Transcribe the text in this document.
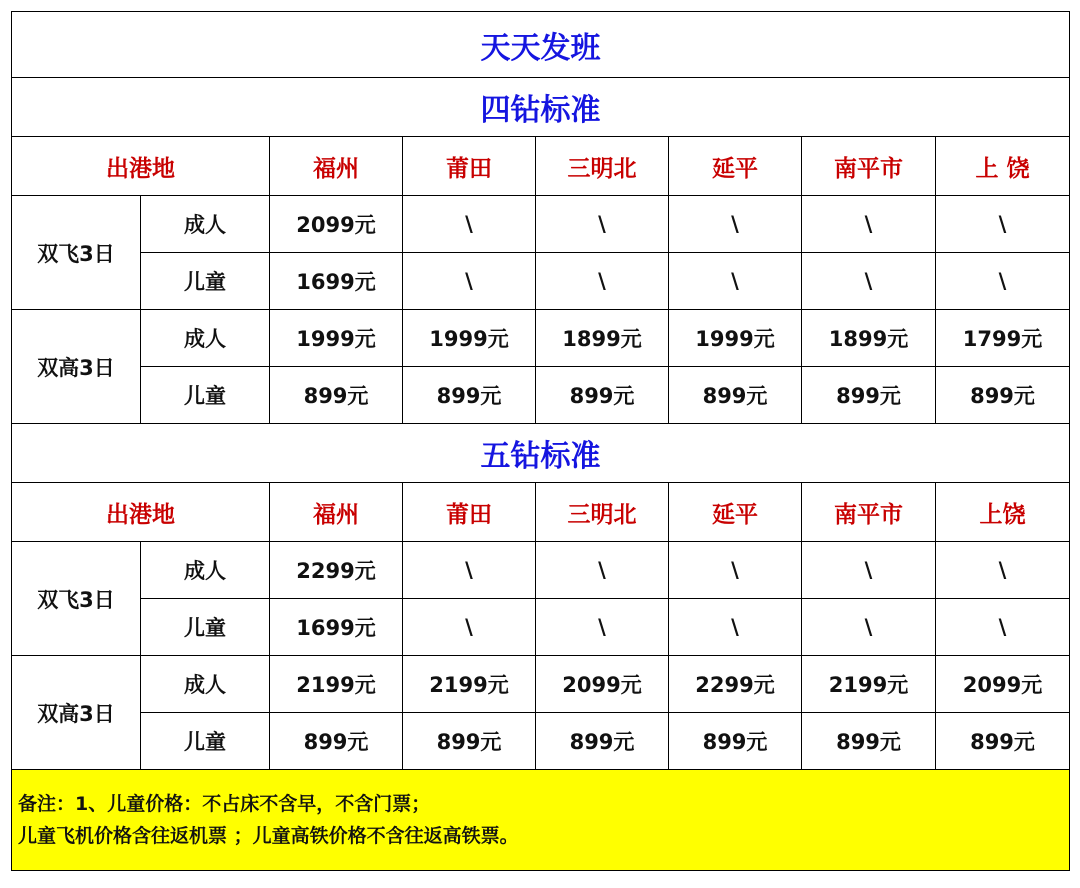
天天发班							
四钻标准							
出港地		福州	莆田	三明北	延平	南平市	上 饶
双飞3日	成人	2099元	\	\	\	\	\
	儿童	1699元	\	\	\	\	\
双高3日	成人	1999元	1999元	1899元	1999元	1899元	1799元
	儿童	899元	899元	899元	899元	899元	899元
五钻标准							
出港地		福州	莆田	三明北	延平	南平市	上饶
双飞3日	成人	2299元	\	\	\	\	\
	儿童	1699元	\	\	\	\	\
双高3日	成人	2199元	2199元	2099元	2299元	2199元	2099元
	儿童	899元	899元	899元	899元	899元	899元

备注：1、儿童价格：不占床不含早，不含门票；
儿童飞机价格含往返机票 ；儿童高铁价格不含往返高铁票。							
